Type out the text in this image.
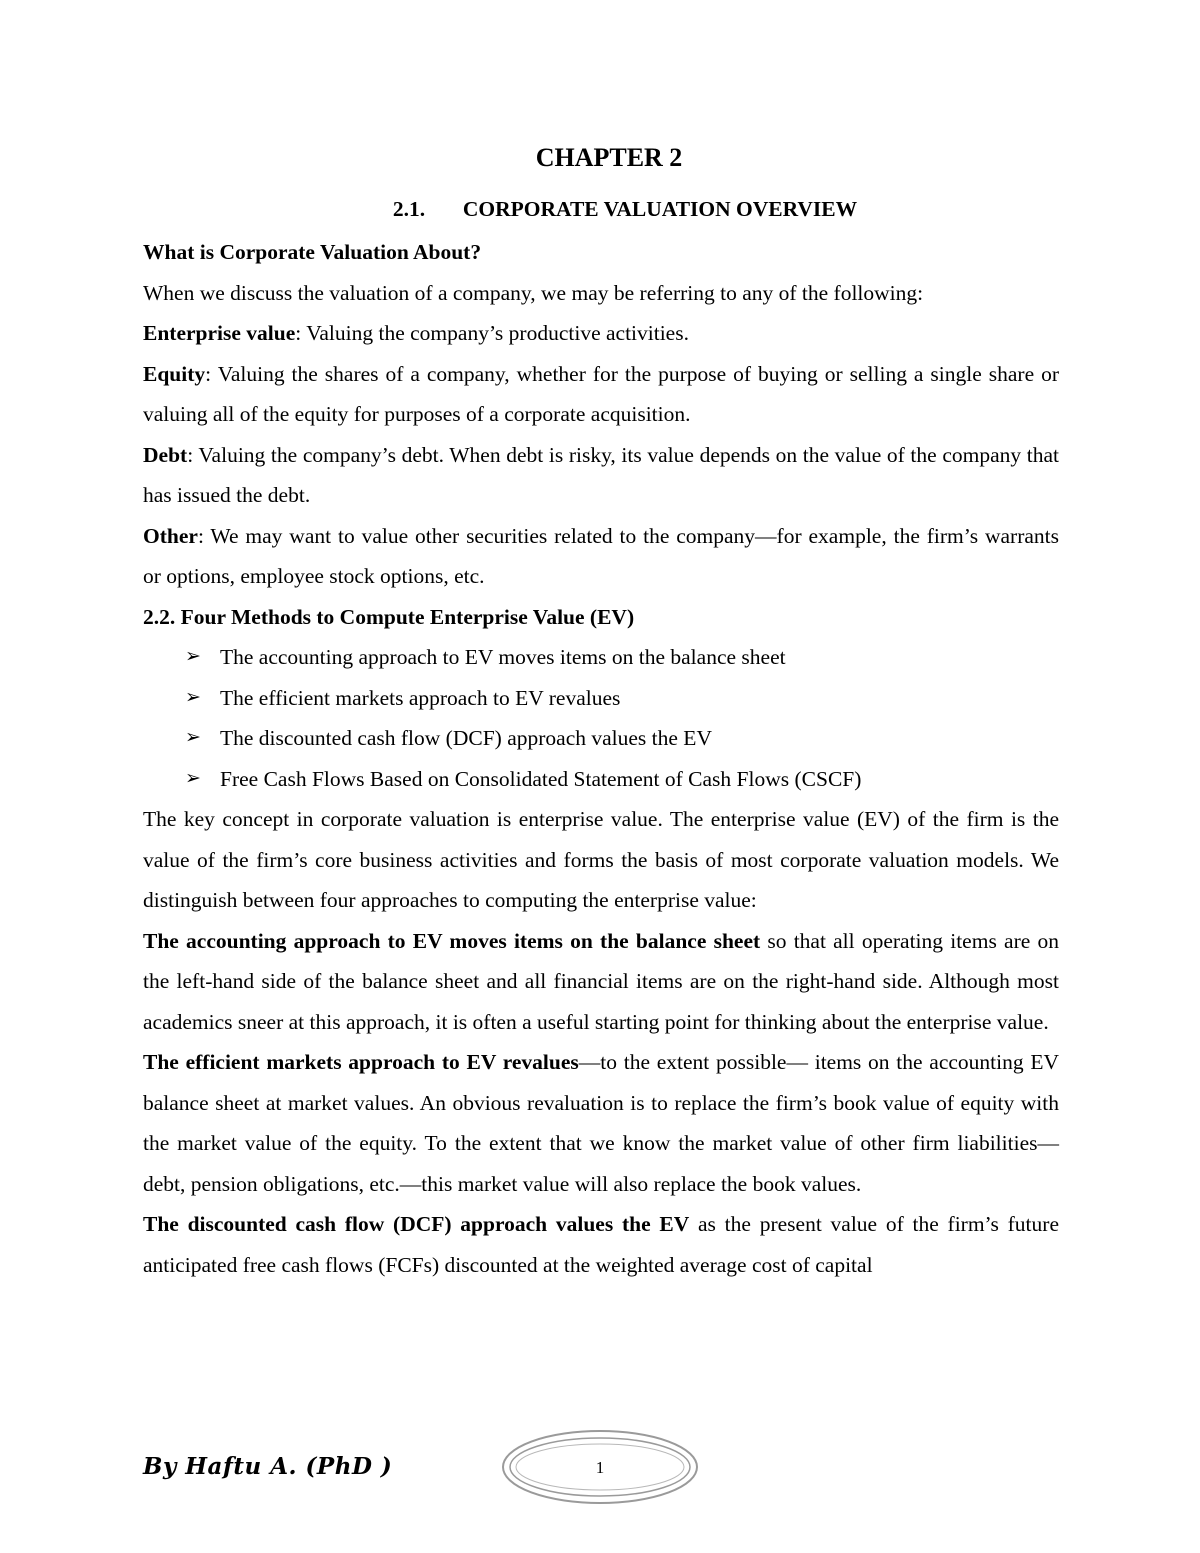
CHAPTER 2
2.1. CORPORATE VALUATION OVERVIEW

What is Corporate Valuation About?

When we discuss the valuation of a company, we may be referring to any of the following:

Enterprise value: Valuing the company’s productive activities.

Equity: Valuing the shares of a company, whether for the purpose of buying or selling a single share or valuing all of the equity for purposes of a corporate acquisition.

Debt: Valuing the company’s debt. When debt is risky, its value depends on the value of the company that has issued the debt.

Other: We may want to value other securities related to the company—for example, the firm’s warrants or options, employee stock options, etc.

2.2. Four Methods to Compute Enterprise Value (EV)

➢ The accounting approach to EV moves items on the balance sheet
➢ The efficient markets approach to EV revalues
➢ The discounted cash flow (DCF) approach values the EV
➢ Free Cash Flows Based on Consolidated Statement of Cash Flows (CSCF)

The key concept in corporate valuation is enterprise value. The enterprise value (EV) of the firm is the value of the firm’s core business activities and forms the basis of most corporate valuation models. We distinguish between four approaches to computing the enterprise value:

The accounting approach to EV moves items on the balance sheet so that all operating items are on the left-hand side of the balance sheet and all financial items are on the right-hand side. Although most academics sneer at this approach, it is often a useful starting point for thinking about the enterprise value.

The efficient markets approach to EV revalues—to the extent possible— items on the accounting EV balance sheet at market values. An obvious revaluation is to replace the firm’s book value of equity with the market value of the equity. To the extent that we know the market value of other firm liabilities— debt, pension obligations, etc.—this market value will also replace the book values.

The discounted cash flow (DCF) approach values the EV as the present value of the firm’s future anticipated free cash flows (FCFs) discounted at the weighted average cost of capital

By Haftu A. (PhD )	1
